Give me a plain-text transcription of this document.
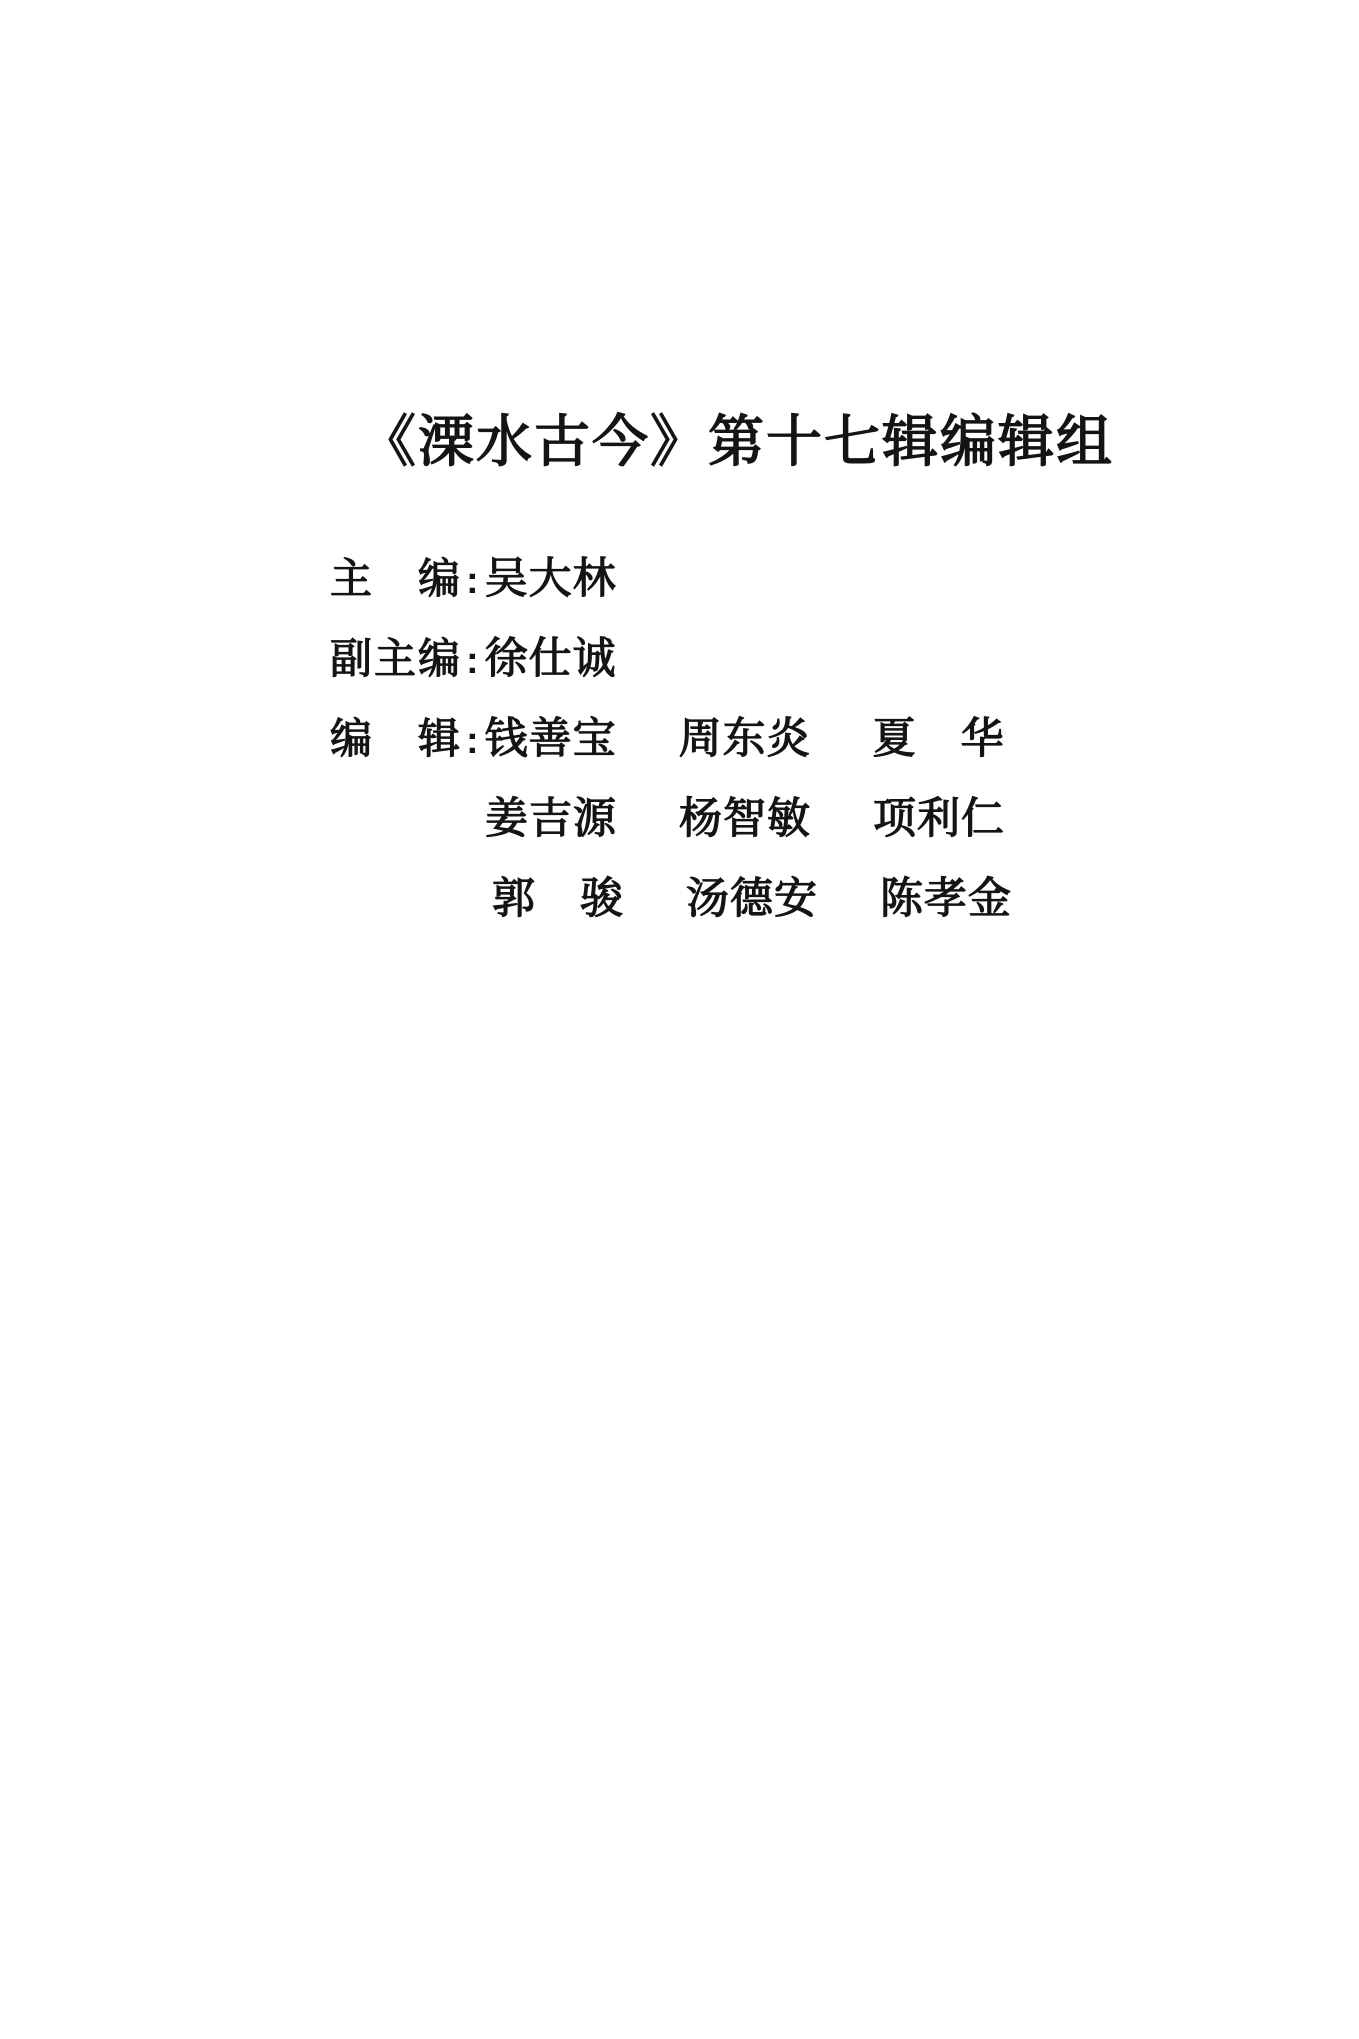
《溧水古今》第十七辑编辑组
主　编 : 吴大林
副主编 : 徐仕诚
编　辑 : 钱善宝 周东炎 夏　华
姜吉源 杨智敏 项利仁
郭　骏 汤德安 陈孝金
